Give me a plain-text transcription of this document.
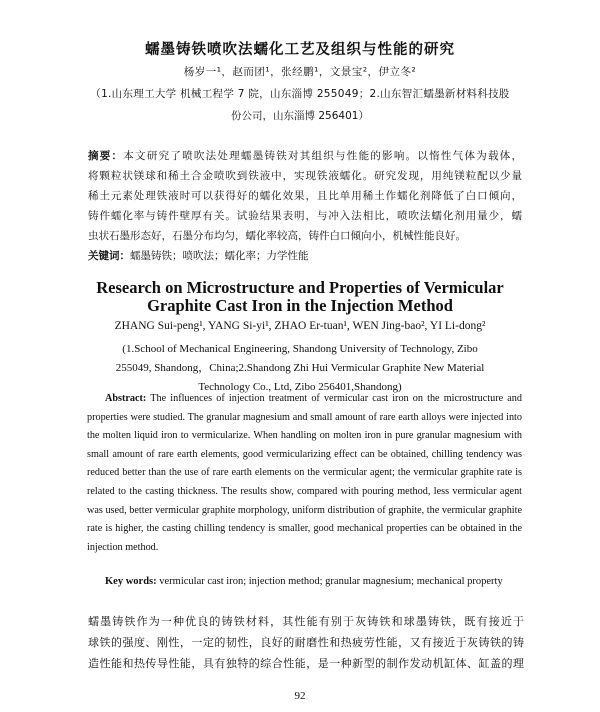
蠕墨铸铁喷吹法蠕化工艺及组织与性能的研究
杨岁一¹，赵而团¹，张经鹏¹，文景宝²，伊立冬²
（1.山东理工大学 机械工程学 7 院，山东淄博 255049；2.山东智汇蠕墨新材料科技股
份公司，山东淄博 256401）

摘要：本文研究了喷吹法处理蠕墨铸铁对其组织与性能的影响。以惰性气体为载体，

将颗粒状镁球和稀土合金喷吹到铁液中，实现铁液蠕化。研究发现，用纯镁粒配以少量

稀土元素处理铁液时可以获得好的蠕化效果，且比单用稀土作蠕化剂降低了白口倾向，

铸件蠕化率与铸件壁厚有关。试验结果表明，与冲入法相比，喷吹法蠕化剂用量少，蠕

虫状石墨形态好，石墨分布均匀，蠕化率较高，铸件白口倾向小，机械性能良好。

关键词：蠕墨铸铁；喷吹法；蠕化率；力学性能

Research on Microstructure and Properties of Vermicular
Graphite Cast Iron in the Injection Method
ZHANG Sui-peng¹, YANG Si-yi¹, ZHAO Er-tuan¹, WEN Jing-bao², YI Li-dong²
(1.School of Mechanical Engineering, Shandong University of Technology, Zibo 255049, Shandong，China;2.Shandong Zhi Hui Vermicular Graphite New Material Technology Co., Ltd, Zibo 256401,Shandong)

Abstract: The influences of injection treatment of vermicular cast iron on the microstructure and properties were studied. The granular magnesium and small amount of rare earth alloys were injected into the molten liquid iron to vermicularize. When handling on molten iron in pure granular magnesium with small amount of rare earth elements, good vermicularizing effect can be obtained, chilling tendency was reduced better than the use of rare earth elements on the vermicular agent; the vermicular graphite rate is related to the casting thickness. The results show, compared with pouring method, less vermicular agent was used, better vermicular graphite morphology, uniform distribution of graphite, the vermicular graphite rate is higher, the casting chilling tendency is smaller, good mechanical properties can be obtained in the injection method.

Key words: vermicular cast iron; injection method; granular magnesium; mechanical property

蠕墨铸铁作为一种优良的铸铁材料，其性能有别于灰铸铁和球墨铸铁，既有接近于

球铁的强度、刚性，一定的韧性，良好的耐磨性和热疲劳性能，又有接近于灰铸铁的铸

造性能和热传导性能，具有独特的综合性能，是一种新型的制作发动机缸体、缸盖的理

92
